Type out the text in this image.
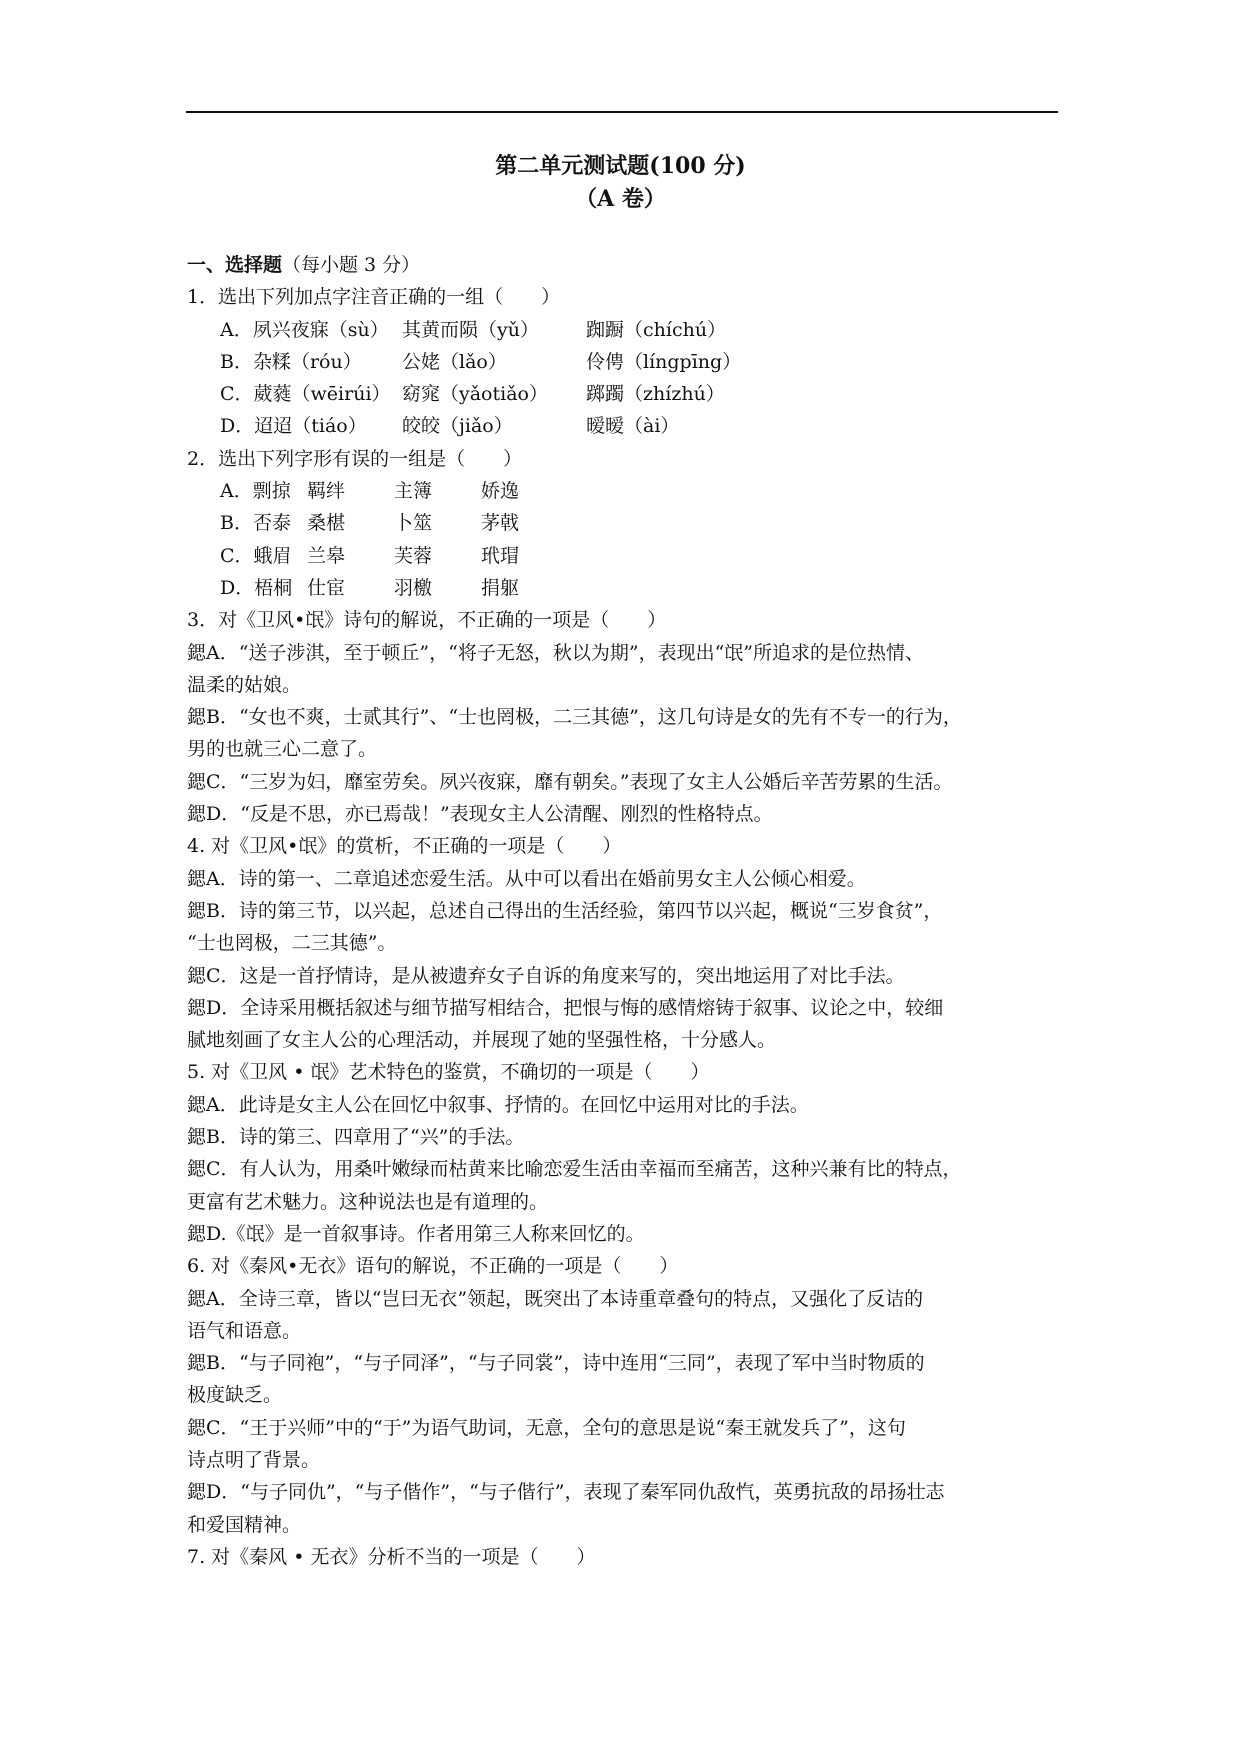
第二单元测试题(100 分)
（A 卷）
一、选择题（每小题 3 分）
1．选出下列加点字注音正确的一组（　　）
A．夙兴夜寐（sù） 其黄而陨（yǔ）	踟蹰（chíchú）
B．杂糅（róu）	公姥（lǎo）	伶俜（língpīng）
C．葳蕤（wēirúi） 窈窕（yǎotiǎo）	踯躅（zhízhú）
D．迢迢（tiáo）	皎皎（jiǎo）	暧暧（ài）
2．选出下列字形有误的一组是（　　）
A．剽掠 羁绊	主簿	娇逸
B．否泰 桑椹	卜筮	茅戟
C．蛾眉 兰皋	芙蓉	玳瑁
D．梧桐 仕宦	羽檄	捐躯
3．对《卫风•氓》诗句的解说，不正确的一项是（　　）
鍶A．“送子涉淇，至于顿丘”，“将子无怒，秋以为期”，表现出“氓”所追求的是位热情、
温柔的姑娘。
鍶B．“女也不爽，士贰其行”、“士也罔极，二三其德”，这几句诗是女的先有不专一的行为，
男的也就三心二意了。
鍶C．“三岁为妇，靡室劳矣。夙兴夜寐，靡有朝矣。”表现了女主人公婚后辛苦劳累的生活。
鍶D．“反是不思，亦已焉哉！”表现女主人公清醒、刚烈的性格特点。
4. 对《卫风•氓》的赏析，不正确的一项是（　　）
鍶A．诗的第一、二章追述恋爱生活。从中可以看出在婚前男女主人公倾心相爱。
鍶B．诗的第三节，以兴起，总述自己得出的生活经验，第四节以兴起，概说“三岁食贫”，
“士也罔极，二三其德”。
鍶C．这是一首抒情诗，是从被遗弃女子自诉的角度来写的，突出地运用了对比手法。
鍶D．全诗采用概括叙述与细节描写相结合，把恨与悔的感情熔铸于叙事、议论之中，较细
腻地刻画了女主人公的心理活动，并展现了她的坚强性格，十分感人。
5. 对《卫风 • 氓》艺术特色的鉴赏，不确切的一项是（　　）
鍶A．此诗是女主人公在回忆中叙事、抒情的。在回忆中运用对比的手法。
鍶B．诗的第三、四章用了“兴”的手法。
鍶C．有人认为，用桑叶嫩绿而枯黄来比喻恋爱生活由幸福而至痛苦，这种兴兼有比的特点，
更富有艺术魅力。这种说法也是有道理的。
鍶D.《氓》是一首叙事诗。作者用第三人称来回忆的。
6. 对《秦风•无衣》语句的解说，不正确的一项是（　　）
鍶A．全诗三章，皆以“岂曰无衣”领起，既突出了本诗重章叠句的特点，又强化了反诘的
语气和语意。
鍶B．“与子同袍”，“与子同泽”，“与子同裳”，诗中连用“三同”，表现了军中当时物质的
极度缺乏。
鍶C．“王于兴师”中的“于”为语气助词，无意，全句的意思是说“秦王就发兵了”，这句
诗点明了背景。
鍶D．“与子同仇”，“与子偕作”，“与子偕行”，表现了秦军同仇敌忾，英勇抗敌的昂扬壮志
和爱国精神。
7. 对《秦风 • 无衣》分析不当的一项是（　　）
